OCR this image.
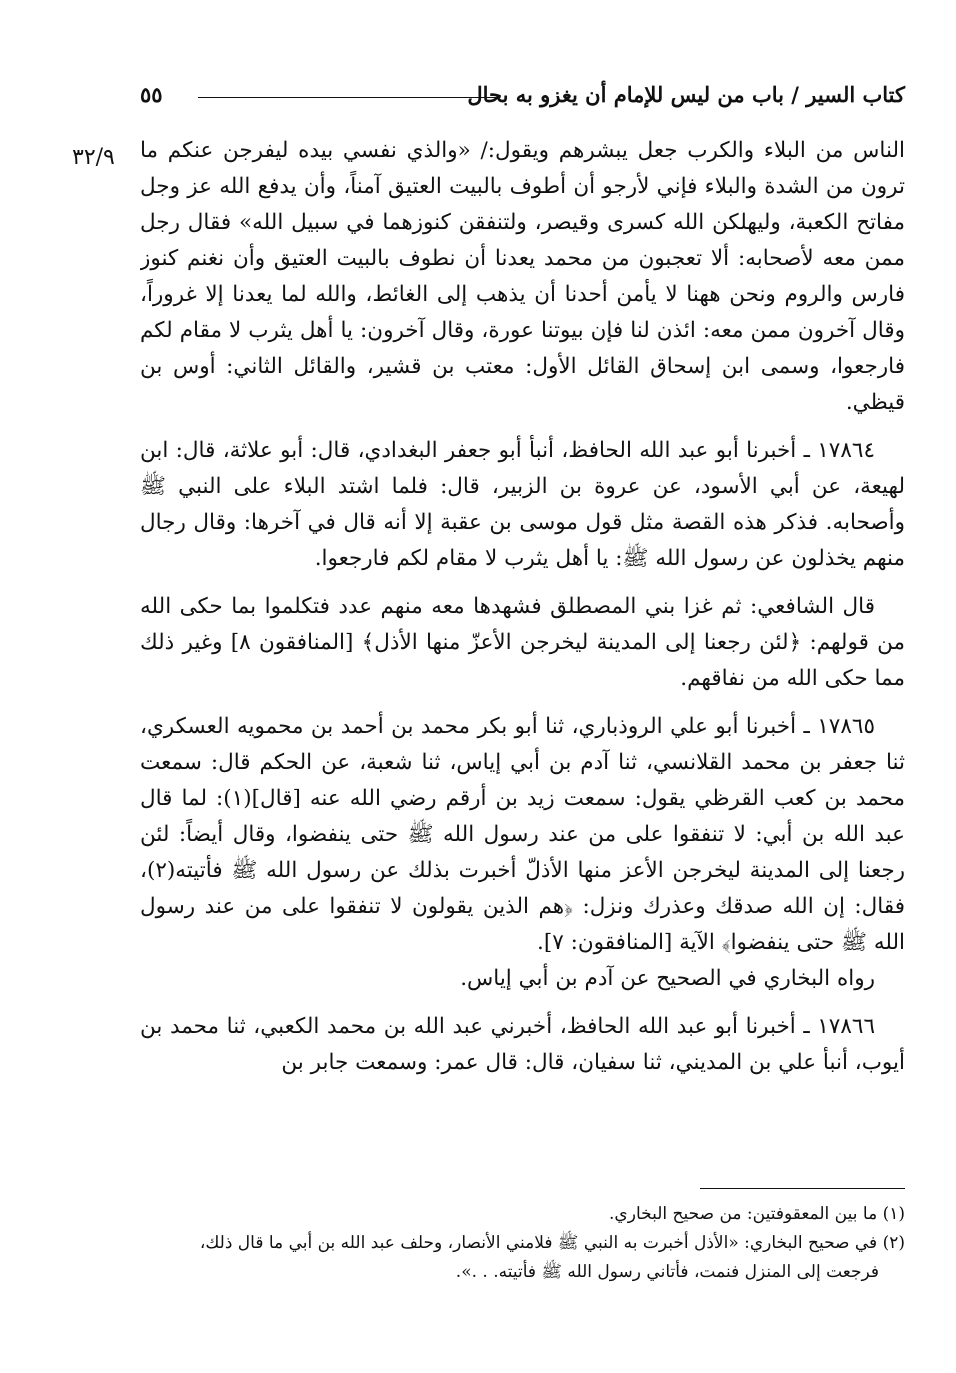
كتاب السير / باب من ليس للإمام أن يغزو به بحال
٥٥
٣٢/٩ الناس من البلاء والكرب جعل يبشرهم ويقول:/ «والذي نفسي بيده ليفرجن عنكم ما ترون من الشدة والبلاء فإني لأرجو أن أطوف بالبيت العتيق آمناً، وأن يدفع الله عز وجل مفاتح الكعبة، وليهلكن الله كسرى وقيصر، ولتنفقن كنوزهما في سبيل الله» فقال رجل ممن معه لأصحابه: ألا تعجبون من محمد يعدنا أن نطوف بالبيت العتيق وأن نغنم كنوز فارس والروم ونحن ههنا لا يأمن أحدنا أن يذهب إلى الغائط، والله لما يعدنا إلا غروراً، وقال آخرون ممن معه: ائذن لنا فإن بيوتنا عورة، وقال آخرون: يا أهل يثرب لا مقام لكم فارجعوا، وسمى ابن إسحاق القائل الأول: معتب بن قشير، والقائل الثاني: أوس بن قيظي.

١٧٨٦٤ ـ أخبرنا أبو عبد الله الحافظ، أنبأ أبو جعفر البغدادي، قال: أبو علاثة، قال: ابن لهيعة، عن أبي الأسود، عن عروة بن الزبير، قال: فلما اشتد البلاء على النبي ﷺ وأصحابه. فذكر هذه القصة مثل قول موسى بن عقبة إلا أنه قال في آخرها: وقال رجال منهم يخذلون عن رسول الله ﷺ: يا أهل يثرب لا مقام لكم فارجعوا.

قال الشافعي: ثم غزا بني المصطلق فشهدها معه منهم عدد فتكلموا بما حكى الله من قولهم: ﴿لئن رجعنا إلى المدينة ليخرجن الأعزّ منها الأذل﴾ [المنافقون ٨] وغير ذلك مما حكى الله من نفاقهم.

١٧٨٦٥ ـ أخبرنا أبو علي الروذباري، ثنا أبو بكر محمد بن أحمد بن محمويه العسكري، ثنا جعفر بن محمد القلانسي، ثنا آدم بن أبي إياس، ثنا شعبة، عن الحكم قال: سمعت محمد بن كعب القرظي يقول: سمعت زيد بن أرقم رضي الله عنه [قال](١): لما قال عبد الله بن أبي: لا تنفقوا على من عند رسول الله ﷺ حتى ينفضوا، وقال أيضاً: لئن رجعنا إلى المدينة ليخرجن الأعز منها الأذلّ أخبرت بذلك عن رسول الله ﷺ فأتيته(٢)، فقال: إن الله صدقك وعذرك ونزل: ﴿هم الذين يقولون لا تنفقوا على من عند رسول الله ﷺ حتى ينفضوا﴾ الآية [المنافقون: ٧].

رواه البخاري في الصحيح عن آدم بن أبي إياس.

١٧٨٦٦ ـ أخبرنا أبو عبد الله الحافظ، أخبرني عبد الله بن محمد الكعبي، ثنا محمد بن أيوب، أنبأ علي بن المديني، ثنا سفيان، قال: قال عمر: وسمعت جابر بن

(١) ما بين المعقوفتين: من صحيح البخاري.

(٢) في صحيح البخاري: «الأذل أخبرت به النبي ﷺ فلامني الأنصار، وحلف عبد الله بن أبي ما قال ذلك،

فرجعت إلى المنزل فنمت، فأتاني رسول الله ﷺ فأتيته. . .».
